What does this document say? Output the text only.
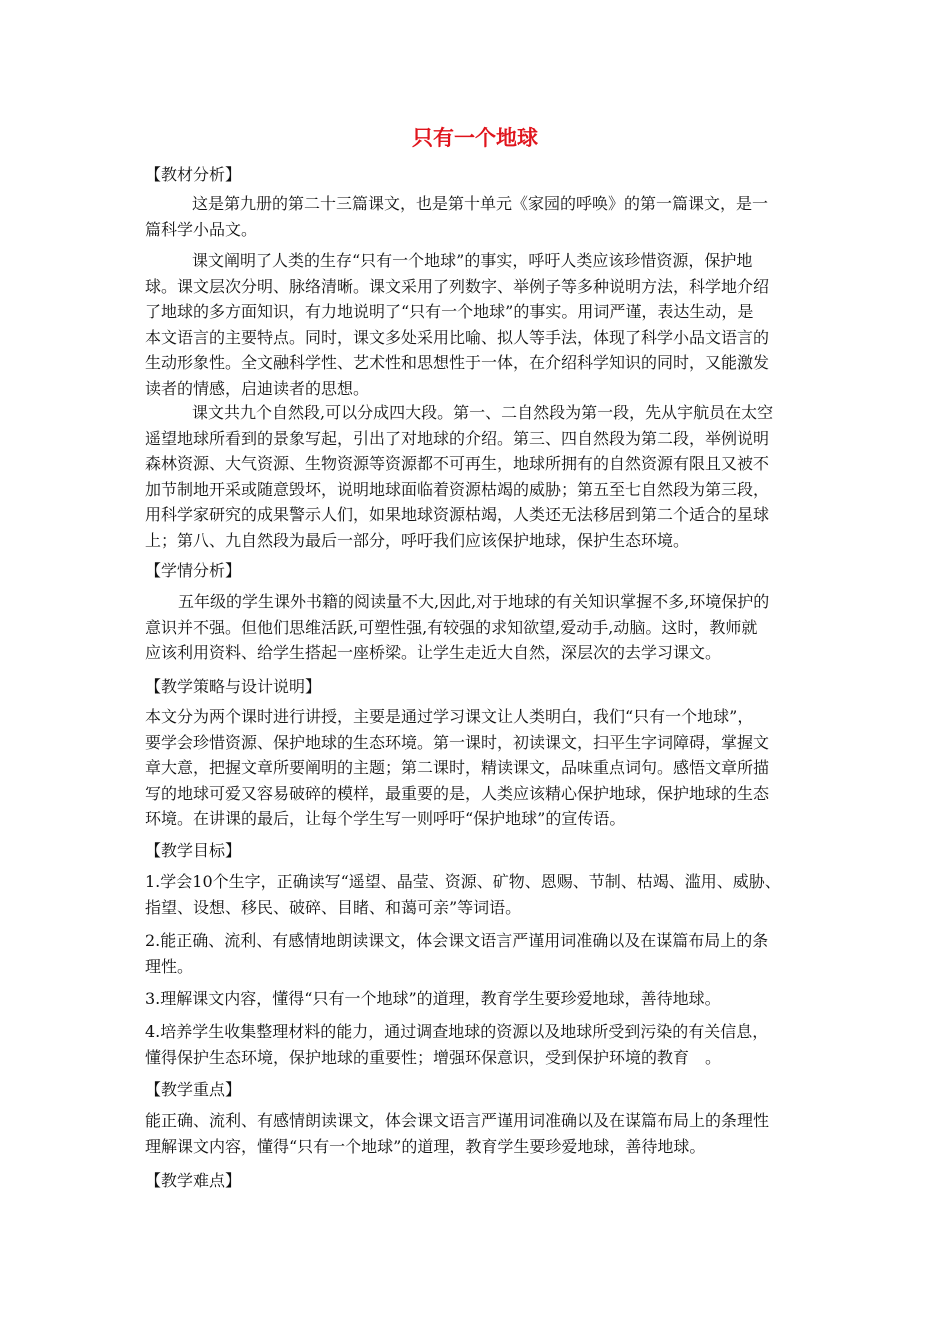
只有一个地球
【教材分析】
这是第九册的第二十三篇课文，也是第十单元《家园的呼唤》的第一篇课文，是一
篇科学小品文。
课文阐明了人类的生存“只有一个地球”的事实，呼吁人类应该珍惜资源，保护地
球。课文层次分明、脉络清晰。课文采用了列数字、举例子等多种说明方法，科学地介绍
了地球的多方面知识，有力地说明了“只有一个地球”的事实。用词严谨，表达生动，是
本文语言的主要特点。同时，课文多处采用比喻、拟人等手法，体现了科学小品文语言的
生动形象性。全文融科学性、艺术性和思想性于一体，在介绍科学知识的同时，又能激发
读者的情感，启迪读者的思想。
课文共九个自然段,可以分成四大段。第一、二自然段为第一段，先从宇航员在太空
遥望地球所看到的景象写起，引出了对地球的介绍。第三、四自然段为第二段，举例说明
森林资源、大气资源、生物资源等资源都不可再生，地球所拥有的自然资源有限且又被不
加节制地开采或随意毁坏，说明地球面临着资源枯竭的威胁；第五至七自然段为第三段，
用科学家研究的成果警示人们，如果地球资源枯竭，人类还无法移居到第二个适合的星球
上；第八、九自然段为最后一部分，呼吁我们应该保护地球，保护生态环境。
【学情分析】
五年级的学生课外书籍的阅读量不大,因此,对于地球的有关知识掌握不多,环境保护的
意识并不强。但他们思维活跃,可塑性强,有较强的求知欲望,爱动手,动脑。这时，教师就
应该利用资料、给学生搭起一座桥梁。让学生走近大自然，深层次的去学习课文。
【教学策略与设计说明】
本文分为两个课时进行讲授，主要是通过学习课文让人类明白，我们“只有一个地球”，
要学会珍惜资源、保护地球的生态环境。第一课时，初读课文，扫平生字词障碍，掌握文
章大意，把握文章所要阐明的主题；第二课时，精读课文，品味重点词句。感悟文章所描
写的地球可爱又容易破碎的模样，最重要的是，人类应该精心保护地球，保护地球的生态
环境。在讲课的最后，让每个学生写一则呼吁“保护地球”的宣传语。
【教学目标】
1.学会10个生字，正确读写“遥望、晶莹、资源、矿物、恩赐、节制、枯竭、滥用、威胁、
指望、设想、移民、破碎、目睹、和蔼可亲”等词语。
2.能正确、流利、有感情地朗读课文，体会课文语言严谨用词准确以及在谋篇布局上的条
理性。
3.理解课文内容，懂得“只有一个地球”的道理，教育学生要珍爱地球，善待地球。
4.培养学生收集整理材料的能力，通过调查地球的资源以及地球所受到污染的有关信息，
懂得保护生态环境，保护地球的重要性；增强环保意识，受到保护环境的教育　。
【教学重点】
能正确、流利、有感情朗读课文，体会课文语言严谨用词准确以及在谋篇布局上的条理性
理解课文内容，懂得“只有一个地球”的道理，教育学生要珍爱地球，善待地球。
【教学难点】
